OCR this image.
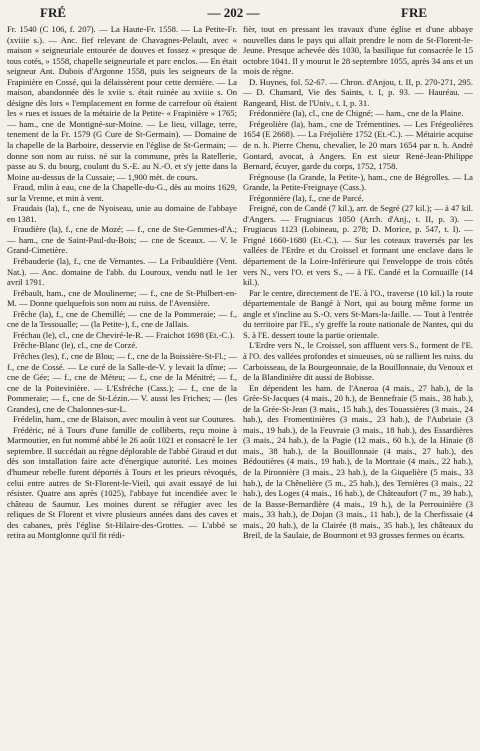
FRÉ	— 202 —	FRE

Fr. 1540 (C 106, f. 207). — La Haute-Fr. 1558. — La Petite-Fr. (xviiie s.). — Anc. fief relevant de Chavagnes-Pelault, avec « maison « seigneuriale entourée de douves et fossez « presque de tous cotés, » 1558, chapelle seigneuriale et parc enclos. — En était seigneur Ant. Dubois d'Argonne 1558, puis les seigneurs de la Frapinière en Cossé, qui la délaissèrent pour cette dernière. — La maison, abandonnée dès le xviie s. était ruinée au xviiie s. On désigne dès lors « l'emplacement en forme de carrefour où étaient les « rues et issues de la métairie de la Petite- « Frapinière » 1765; — ham., cne de Montigné-sur-Moine. — Le lieu, village, terre, tenement de la Fr. 1579 (G Cure de St-Germain). — Domaine de la chapelle de la Barboire, desservie en l'église de St-Germain; — donne son nom au ruiss. né sur la commune, près la Ratellerie, passe au S. du bourg, coulant du S.-E. au N.-O. et s'y jette dans la Moine au-dessus de la Cussaie; — 1,900 mèt. de cours.

Fraud, mlin à eau, cne de la Chapelle-du-G., dès au moins 1629, sur la Vrenne, et min à vent.

Fraudais (la), f., cne de Nyoiseau, unie au domaine de l'abbaye en 1381.

Fraudière (la), f., cne de Mozé; — f., cne de Ste-Gemmes-d'A.; — ham., cne de Saint-Paul-du-Bois; — cne de Sceaux. — V. le Grand-Cimetière.

Frébauderie (la), f., cne de Vernantes. — La Fribauldière (Vent. Nat.). — Anc. domaine de l'abb. du Louroux, vendu natl le 1er avril 1791.

Frébault, ham., cne de Moulinerne; — f., cne de St-Philbert-en-M. — Donne quelquefois son nom au ruiss. de l'Avensière.

Frêche (la), f., cne de Chemillé; — cne de la Pommeraie; — f., cne de la Tessoualle; — (la Petite-), f., cne de Jallais.

Fréchau (le), cl., cne de Cheviré-le-R. — Fraichot 1698 (Et.-C.).

Frêche-Blanc (le), cl., cne de Corzé.

Frêches (les), f., cne de Blou; — f., cne de la Boissière-St-Fl.; — f., cne de Cossé. — Le curé de la Salle-de-V. y levait la dîme; — cne de Gée; — f., cne de Méteu; — f., cne de la Ménitré; — f., cne de la Poitevinière. — L'Esfréche (Cass.); — f., cne de la Pommeraie; — f., cne de St-Lézin.— V. aussi les Friches; — (les Grandes), cne de Chalonnes-sur-L.

Frédelin, ham., cne de Blaison, avec moulin à vent sur Coutures.

Frédéric, né à Tours d'une famille de colliberts, reçu moine à Marmoutier, en fut nommé abbé le 26 août 1021 et consacré le 1er septembre. Il succédait au règne déplorable de l'abbé Giraud et dut dès son installation faire acte d'énergique autorité. Les moines d'humeur rebelle furent déportés à Tours et les prieurs révoqués, celui entre autres de St-Florent-le-Vieil, qui avait essayé de lui résister. Quatre ans après (1025), l'abbaye fut incendiée avec le château de Saumur. Les moines durent se réfugier avec les reliques de St Florent et vivre plusieurs années dans des caves et des cabanes, près l'église St-Hilaire-des-Grottes. — L'abbé se retira au Montglonne qu'il fit rédi-

fièr, tout en pressant les travaux d'une église et d'une abbaye nouvelles dans le pays qui allait prendre le nom de St-Florent-le-Jeune. Presque achevée dès 1030, la basilique fut consacrée le 15 octobre 1041. Il y mourut le 28 septembre 1055, après 34 ans et un mois de règne.

D. Huynes, fol. 52-67. — Chron. d'Anjou, t. II, p. 270-271, 295. — D. Chamard, Vie des Saints, t. I, p. 93. — Hauréau. — Rangeard, Hist. de l'Univ., t. I, p. 31.

Frédonnière (la), cl., cne de Chigné; — ham., cne de la Plaine.

Frégeolière (la), ham., cne de Trémentines. — Les Frégeolières 1654 (E 2668). — La Fréjolière 1752 (Et.-C.). — Métairie acquise de n. h. Pierre Chenu, chevalier, le 20 mars 1654 par n. h. André Gontard, avocat, à Angers. En est sieur René-Jean-Philippe Bernard, écuyer, garde du corps, 1752, 1758.

Frégnouse (la Grande, la Petite-), ham., cne de Bégrolles. — La Grande, la Petite-Freignaye (Cass.).

Frégonnière (la), f., cne de Parcé.

Freigné, con de Candé (7 kil.), arr. de Segré (27 kil.); — à 47 kil. d'Angers. — Frugniacus 1050 (Arch. d'Anj., t. II, p. 3). — Frugiacus 1123 (Lobineau, p. 278; D. Morice, p. 547, t. I). — Frigné 1660-1680 (Et.-C.). — Sur les coteaux traversés par les vallées de l'Erdre et du Croissel et formant une enclave dans le département de la Loire-Inférieure qui l'enveloppe de trois côtés vers N., vers l'O. et vers S., — à l'E. Candé et la Cornuaille (14 kil.).

Par le centre, directement de l'E. à l'O., traverse (10 kil.) la route départementale de Bangé à Nort, qui au bourg même forme un angle et s'incline au S.-O. vers St-Mars-la-Jaille. — Tout à l'entrée du territoire par l'E., s'y greffe la route nationale de Nantes, qui du S. à l'E. dessert toute la partie orientale.

L'Erdre vers N., le Croissel, son affluent vers S., forment de l'E. à l'O. des vallées profondes et sinueuses, où se rallient les ruiss. du Carboisseau, de la Bourgeonnaie, de la Bouillonnaie, du Venoux et de la Blandinière dit aussi de Bobisse.

En dépendent les ham. de l'Aneroa (4 mais., 27 hab.), de la Grée-St-Jacques (4 mais., 20 h.), de Bennefraie (5 mais., 38 hab.), de la Grée-St-Jean (3 mais., 15 hab.), des Touassières (3 mais., 24 hab.), des Fromentinières (3 mais., 23 hab.), de l'Aubriaie (3 mais., 19 hab.), de la Feuvraie (3 mais., 18 hab.), des Essardières (3 mais., 24 hab.), de la Pagie (12 mais., 60 h.), de la Hinaie (8 mais., 38 hab.), de la Bouillonnaie (4 mais., 27 hab.), des Bédoutières (4 mais., 19 hab.), de la Mortraie (4 mais., 22 hab.), de la Pironnière (3 mais., 23 hab.), de la Giquelière (5 mais., 33 hab.), de la Chênelière (5 m., 25 hab.), des Ternières (3 mais., 22 hab.), des Loges (4 mais., 16 hab.), de Châteaufort (7 m., 39 hab.), de la Basse-Bernardière (4 mais., 19 h.), de la Perrouinière (3 mais., 33 hab.), de Dojan (3 mais., 11 hab.), de la Cherfissaie (4 mais., 20 hab.), de la Clairée (8 mais., 35 hab.), les châteaux du Breil, de la Saulaie, de Bourmont et 93 grosses fermes ou écarts.
